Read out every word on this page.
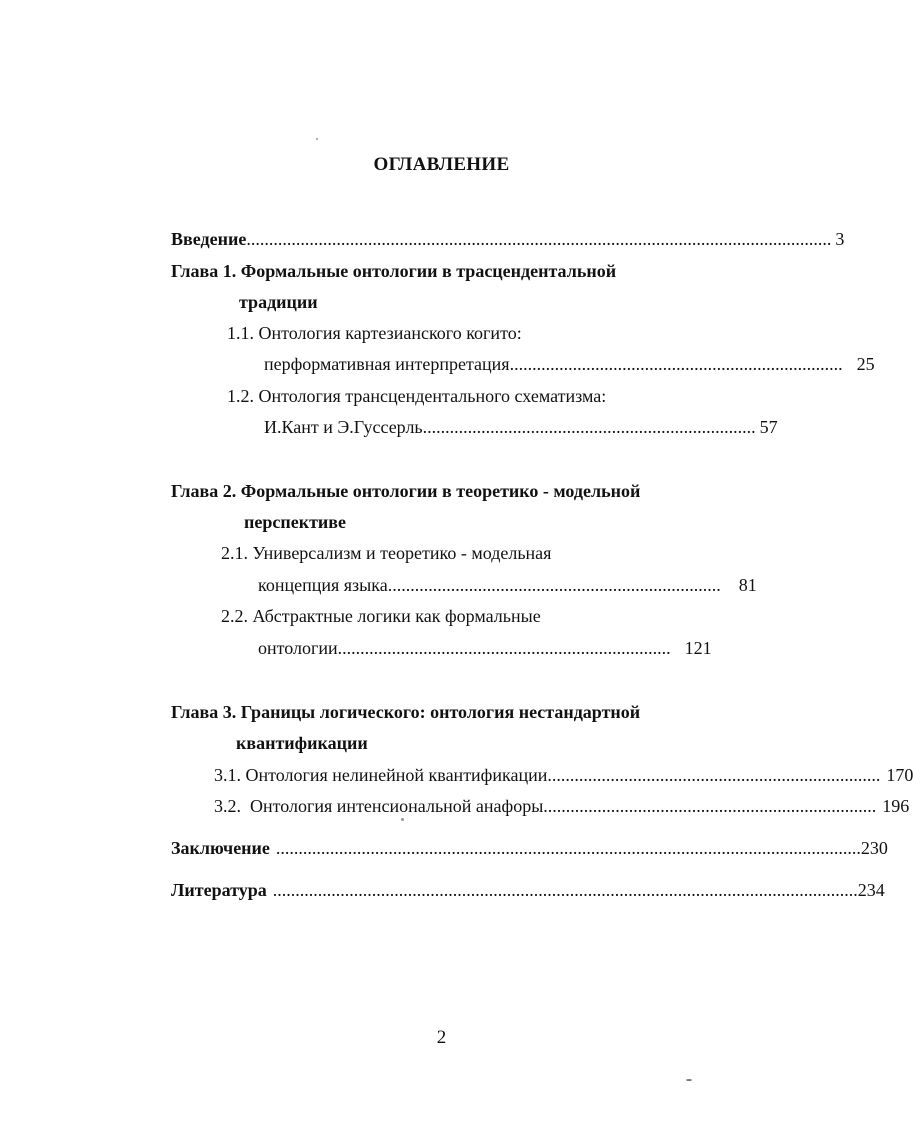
ОГЛАВЛЕНИЕ
Введение .................................................................................................................................. 3
Глава 1. Формальные онтологии в трасцендентальной
традиции
1.1. Онтология картезианского когито:
перформативная интерпретация .......................................................................... 25
1.2. Онтология трансцендентального схематизма:
И.Кант и Э.Гуссерль .......................................................................... 57
Глава 2. Формальные онтологии в теоретико - модельной
перспективе
2.1. Универсализм и теоретико - модельная
концепция языка ..........................................................................	81
2.2. Абстрактные логики как формальные
онтологии .......................................................................... 121
Глава 3. Границы логического: онтология нестандартной
квантификации
3.1. Онтология нелинейной квантификации .......................................................................... 170
3.2.  Онтология интенсиональной анафоры .......................................................................... 196
Заключение .................................................................................................................................. 230
Литература .................................................................................................................................. 234
2
